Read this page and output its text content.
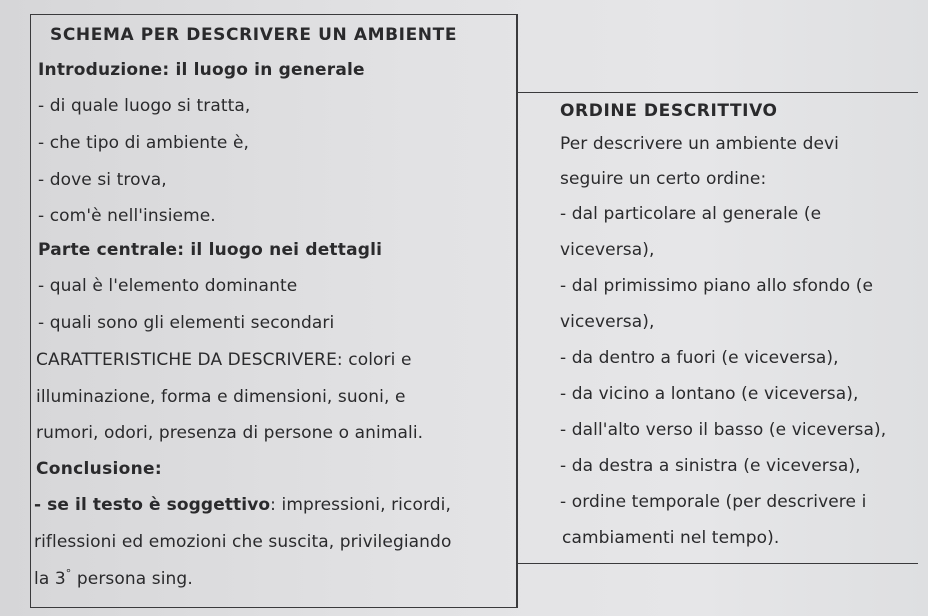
SCHEMA PER DESCRIVERE UN AMBIENTE
Introduzione: il luogo in generale
- di quale luogo si tratta,
- che tipo di ambiente è,
- dove si trova,
- com'è nell'insieme.
Parte centrale: il luogo nei dettagli
- qual è l'elemento dominante
- quali sono gli elementi secondari
CARATTERISTICHE DA DESCRIVERE: colori e
illuminazione, forma e dimensioni, suoni, e
rumori, odori, presenza di persone o animali.
Conclusione:
- se il testo è soggettivo: impressioni, ricordi,
riflessioni ed emozioni che suscita, privilegiando
la 3° persona sing.
ORDINE DESCRITTIVO
Per descrivere un ambiente devi
seguire un certo ordine:
- dal particolare al generale (e
viceversa),
- dal primissimo piano allo sfondo (e
viceversa),
- da dentro a fuori (e viceversa),
- da vicino a lontano (e viceversa),
- dall'alto verso il basso (e viceversa),
- da destra a sinistra (e viceversa),
- ordine temporale (per descrivere i
cambiamenti nel tempo).
